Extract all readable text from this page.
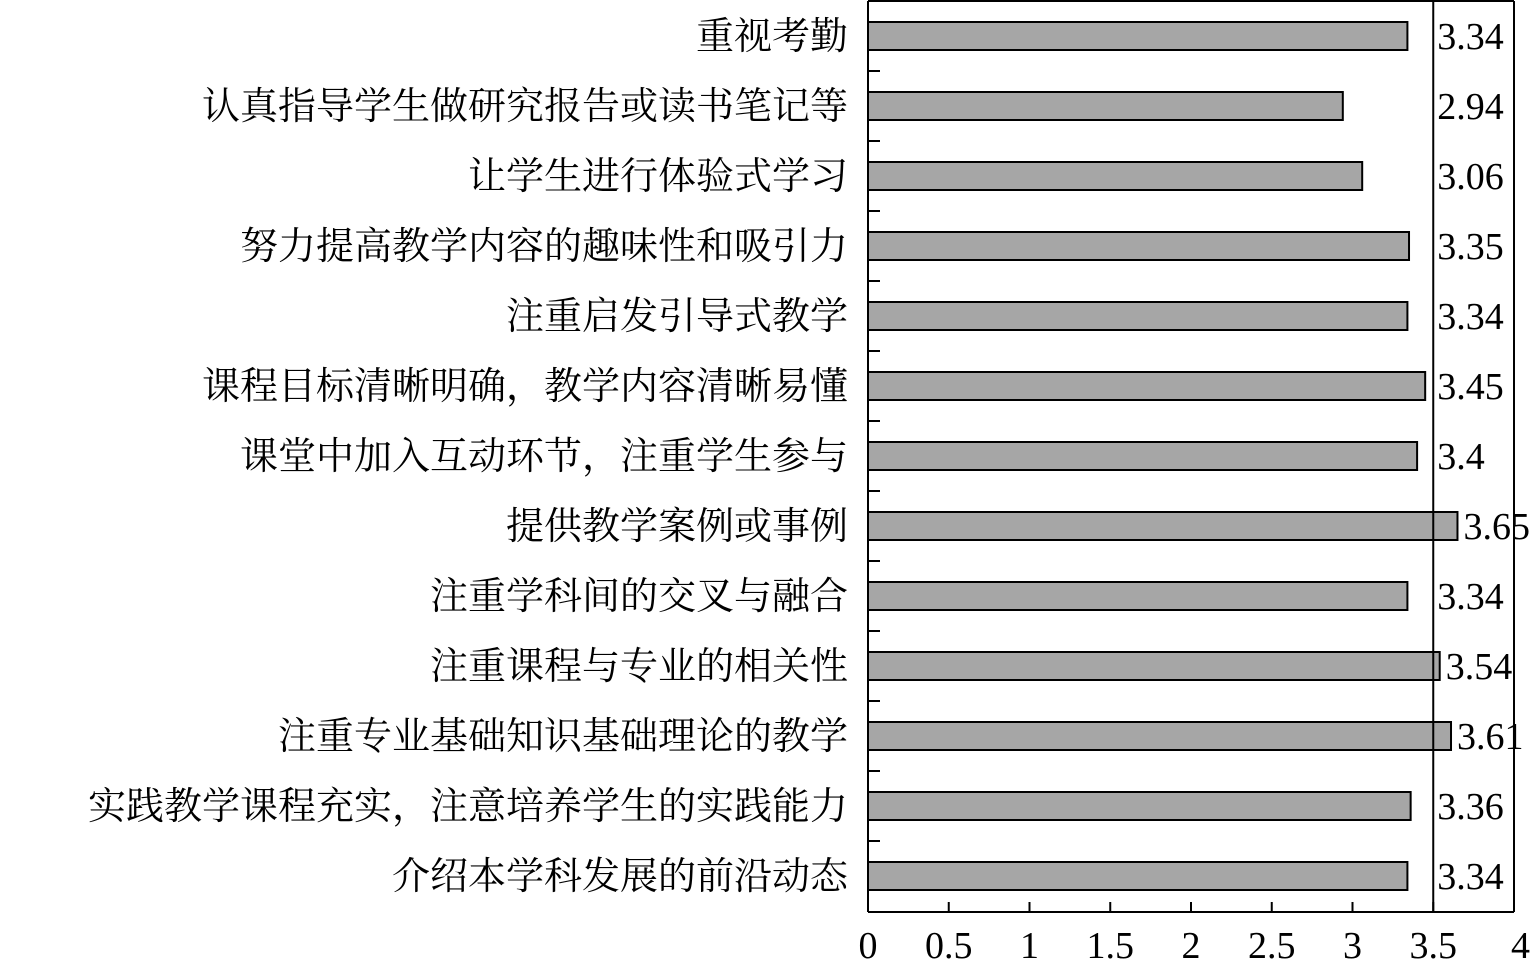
重视考勤
认真指导学生做研究报告或读书笔记等
让学生进行体验式学习
努力提高教学内容的趣味性和吸引力
注重启发引导式教学
课程目标清晰明确，教学内容清晰易懂
课堂中加入互动环节，注重学生参与
提供教学案例或事例
注重学科间的交叉与融合
注重课程与专业的相关性
注重专业基础知识基础理论的教学
实践教学课程充实，注意培养学生的实践能力
介绍本学科发展的前沿动态
3.34
2.94
3.06
3.35
3.34
3.45
3.4
3.65
3.34
3.54
3.61
3.36
3.34
0 0.5 1 1.5 2 2.5 3 3.5 4
